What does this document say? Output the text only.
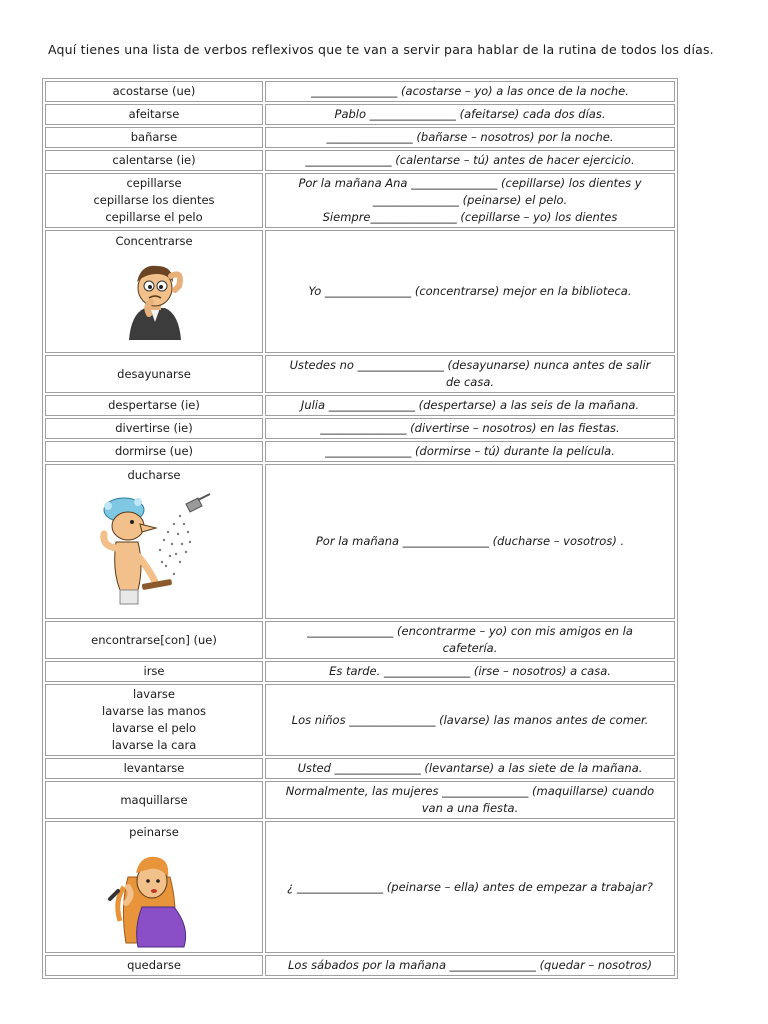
Aquí tienes una lista de verbos reflexivos que te van a servir para hablar de la rutina de todos los días.
acostarse (ue)	_______________ (acostarse – yo) a las once de la noche.

afeitarse	Pablo _______________ (afeitarse) cada dos días.

bañarse	_______________ (bañarse – nosotros) por la noche.

calentarse (ie)	_______________ (calentarse – tú) antes de hacer ejercicio.

cepillarse
cepillarse los dientes
cepillarse el pelo	Por la mañana Ana _______________ (cepillarse) los dientes y
_______________ (peinarse) el pelo.
Siempre_______________ (cepillarse – yo) los dientes

Concentrarse	Yo _______________ (concentrarse) mejor en la biblioteca.

desayunarse	Ustedes no _______________ (desayunarse) nunca antes de salir
de casa.

despertarse (ie)	Julia _______________ (despertarse) a las seis de la mañana.

divertirse (ie)	_______________ (divertirse – nosotros) en las fiestas.

dormirse (ue)	_______________ (dormirse – tú) durante la película.

ducharse	Por la mañana _______________ (ducharse – vosotros) .

encontrarse[con] (ue)	_______________ (encontrarme – yo) con mis amigos en la
cafetería.

irse	Es tarde. _______________ (irse – nosotros) a casa.

lavarse
lavarse las manos
lavarse el pelo
lavarse la cara	Los niños _______________ (lavarse) las manos antes de comer.

levantarse	Usted _______________ (levantarse) a las siete de la mañana.

maquillarse	Normalmente, las mujeres _______________ (maquillarse) cuando
van a una fiesta.

peinarse	¿ _______________ (peinarse – ella) antes de empezar a trabajar?

quedarse	Los sábados por la mañana _______________ (quedar – nosotros)
